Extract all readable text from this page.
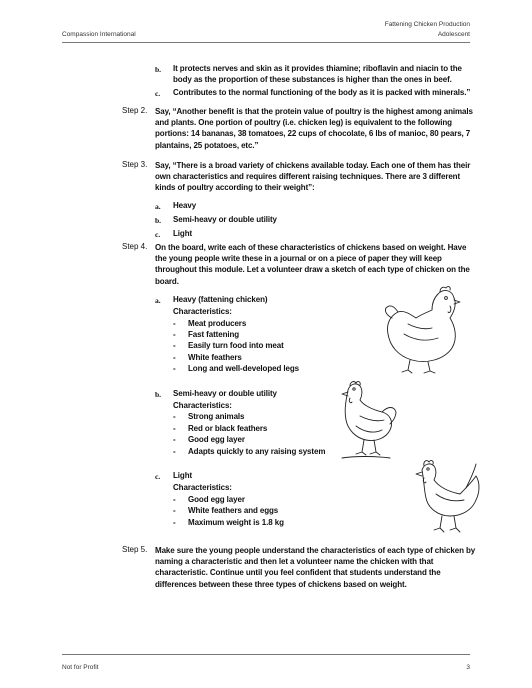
Fattening Chicken Production
Adolescent
Compassion International
b. It protects nerves and skin as it provides thiamine; riboflavin and niacin to the
body as the proportion of these substances is higher than the ones in beef.
c. Contributes to the normal functioning of the body as it is packed with minerals.”
Step 2. Say, “Another benefit is that the protein value of poultry is the highest among animals
and plants. One portion of poultry (i.e. chicken leg) is equivalent to the following
portions: 14 bananas, 38 tomatoes, 22 cups of chocolate, 6 lbs of manioc, 80 pears, 7
plantains, 25 potatoes, etc.”
Step 3. Say, “There is a broad variety of chickens available today. Each one of them has their
own characteristics and requires different raising techniques. There are 3 different
kinds of poultry according to their weight”:
a. Heavy
b. Semi-heavy or double utility
c. Light
Step 4. On the board, write each of these characteristics of chickens based on weight. Have
the young people write these in a journal or on a piece of paper they will keep
throughout this module. Let a volunteer draw a sketch of each type of chicken on the
board.
a. Heavy (fattening chicken)
Characteristics:
- Meat producers
- Fast fattening
- Easily turn food into meat
- White feathers
- Long and well-developed legs
b. Semi-heavy or double utility
Characteristics:
- Strong animals
- Red or black feathers
- Good egg layer
- Adapts quickly to any raising system
c. Light
Characteristics:
- Good egg layer
- White feathers and eggs
- Maximum weight is 1.8 kg
Step 5. Make sure the young people understand the characteristics of each type of chicken by
naming a characteristic and then let a volunteer name the chicken with that
characteristic. Continue until you feel confident that students understand the
differences between these three types of chickens based on weight.
Not for Profit	3
